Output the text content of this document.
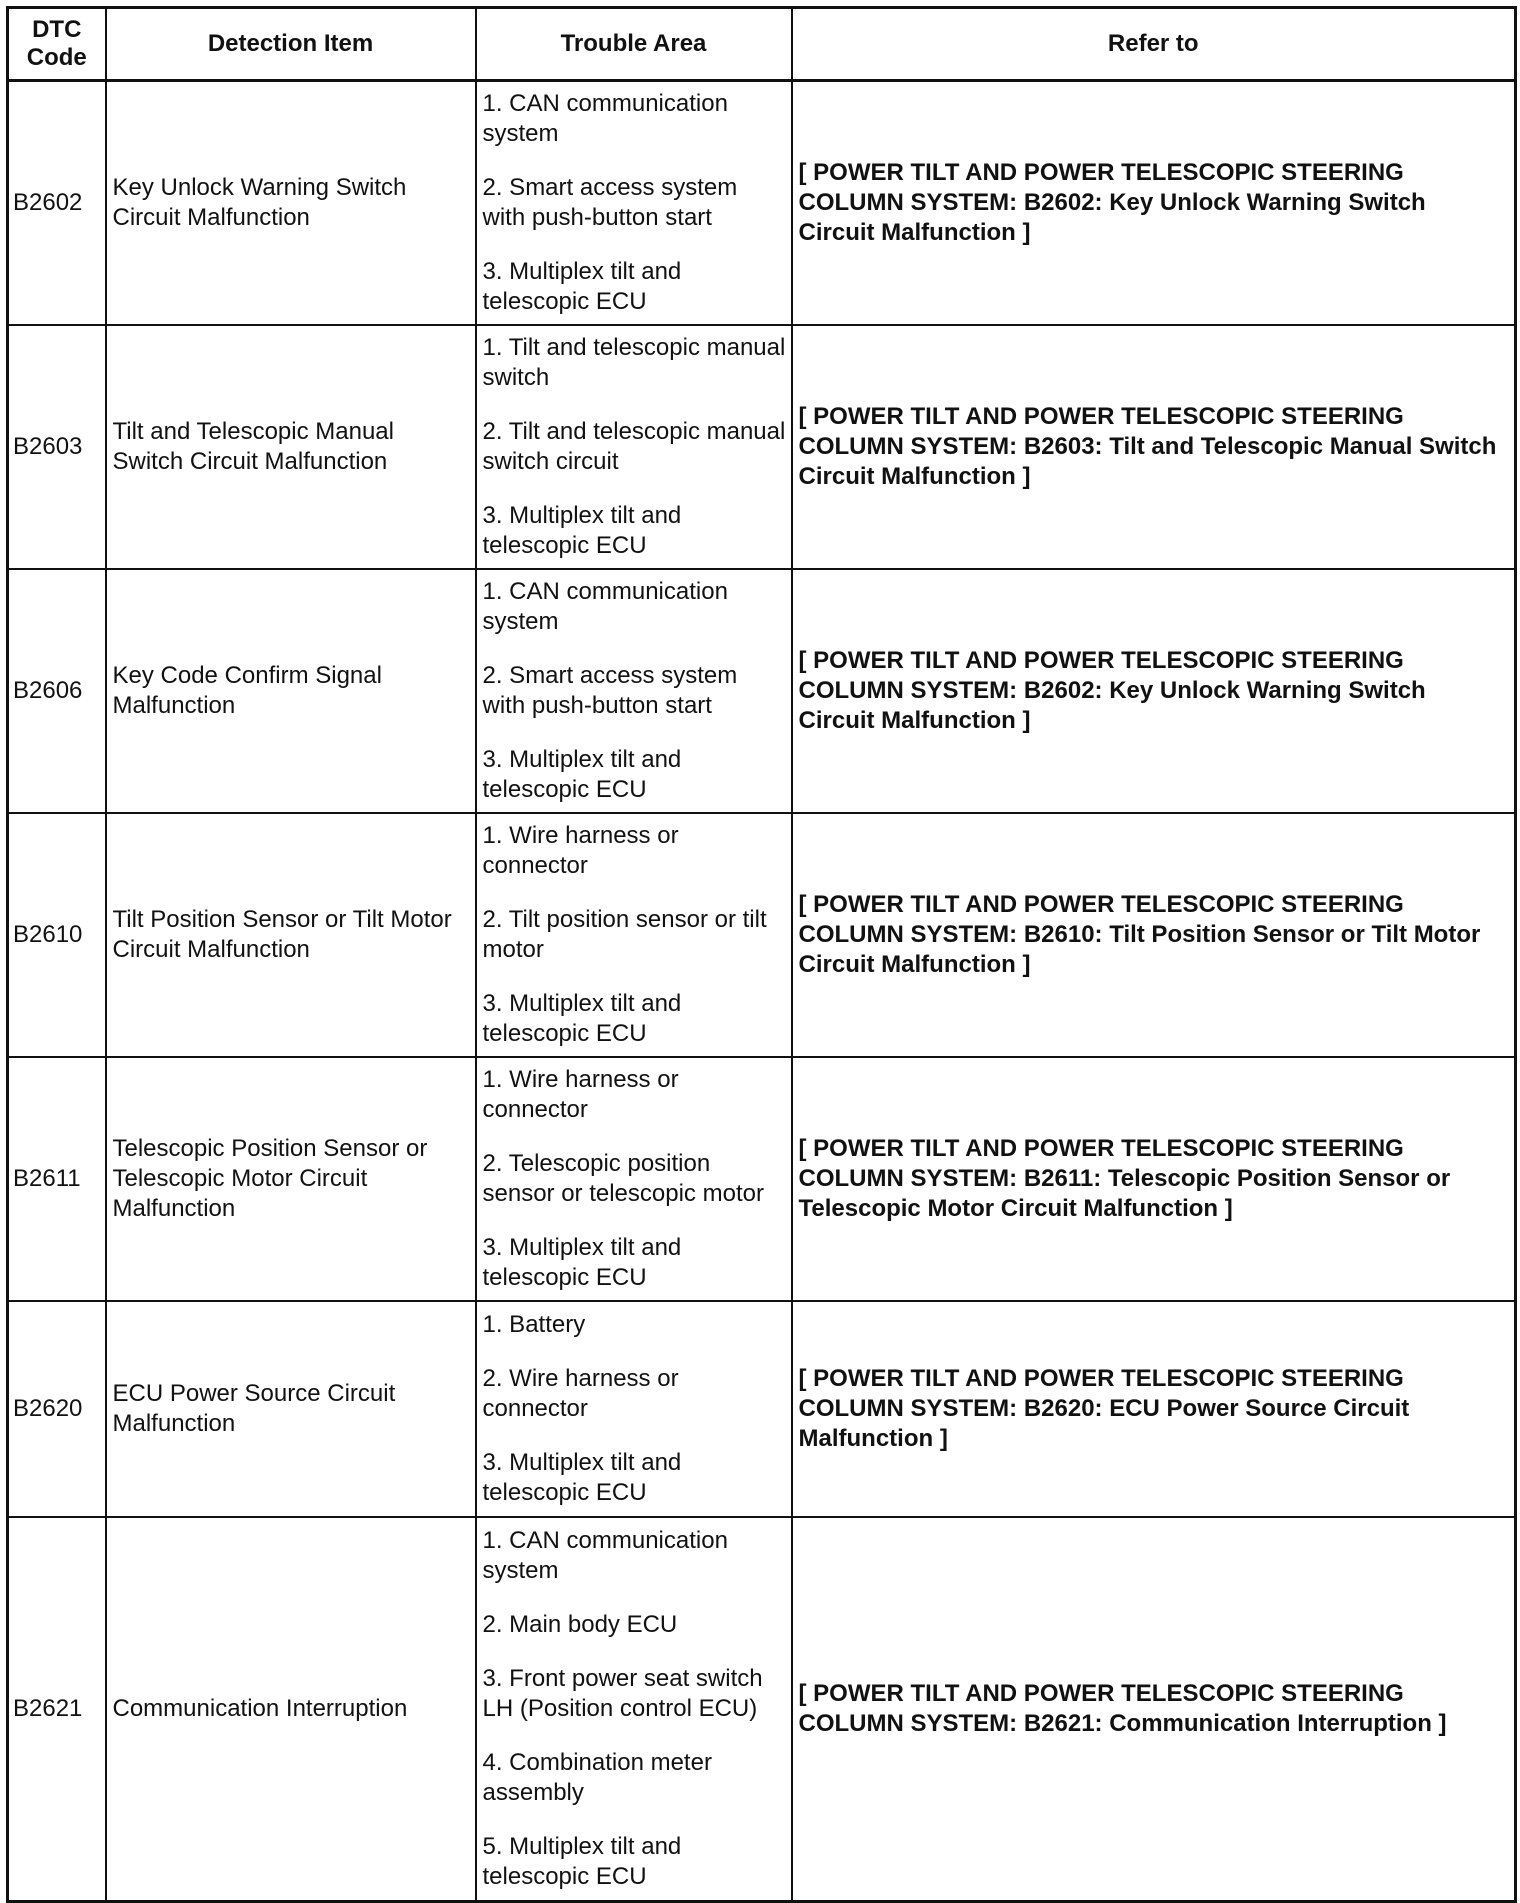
DTC Code	Detection Item	Trouble Area	Refer to
B2602	Key Unlock Warning Switch Circuit Malfunction	1. CAN communication system

2. Smart access system with push-button start

3. Multiplex tilt and telescopic ECU	[ POWER TILT AND POWER TELESCOPIC STEERING COLUMN SYSTEM: B2602: Key Unlock Warning Switch Circuit Malfunction ]
B2603	Tilt and Telescopic Manual Switch Circuit Malfunction	1. Tilt and telescopic manual switch

2. Tilt and telescopic manual switch circuit

3. Multiplex tilt and telescopic ECU	[ POWER TILT AND POWER TELESCOPIC STEERING COLUMN SYSTEM: B2603: Tilt and Telescopic Manual Switch Circuit Malfunction ]
B2606	Key Code Confirm Signal Malfunction	1. CAN communication system

2. Smart access system with push-button start

3. Multiplex tilt and telescopic ECU	[ POWER TILT AND POWER TELESCOPIC STEERING COLUMN SYSTEM: B2602: Key Unlock Warning Switch Circuit Malfunction ]
B2610	Tilt Position Sensor or Tilt Motor Circuit Malfunction	1. Wire harness or connector

2. Tilt position sensor or tilt motor

3. Multiplex tilt and telescopic ECU	[ POWER TILT AND POWER TELESCOPIC STEERING COLUMN SYSTEM: B2610: Tilt Position Sensor or Tilt Motor Circuit Malfunction ]
B2611	Telescopic Position Sensor or Telescopic Motor Circuit Malfunction	1. Wire harness or connector

2. Telescopic position sensor or telescopic motor

3. Multiplex tilt and telescopic ECU	[ POWER TILT AND POWER TELESCOPIC STEERING COLUMN SYSTEM: B2611: Telescopic Position Sensor or Telescopic Motor Circuit Malfunction ]
B2620	ECU Power Source Circuit Malfunction	1. Battery

2. Wire harness or connector

3. Multiplex tilt and telescopic ECU	[ POWER TILT AND POWER TELESCOPIC STEERING COLUMN SYSTEM: B2620: ECU Power Source Circuit Malfunction ]
B2621	Communication Interruption	1. CAN communication system

2. Main body ECU

3. Front power seat switch LH (Position control ECU)

4. Combination meter assembly

5. Multiplex tilt and telescopic ECU	[ POWER TILT AND POWER TELESCOPIC STEERING COLUMN SYSTEM: B2621: Communication Interruption ]
